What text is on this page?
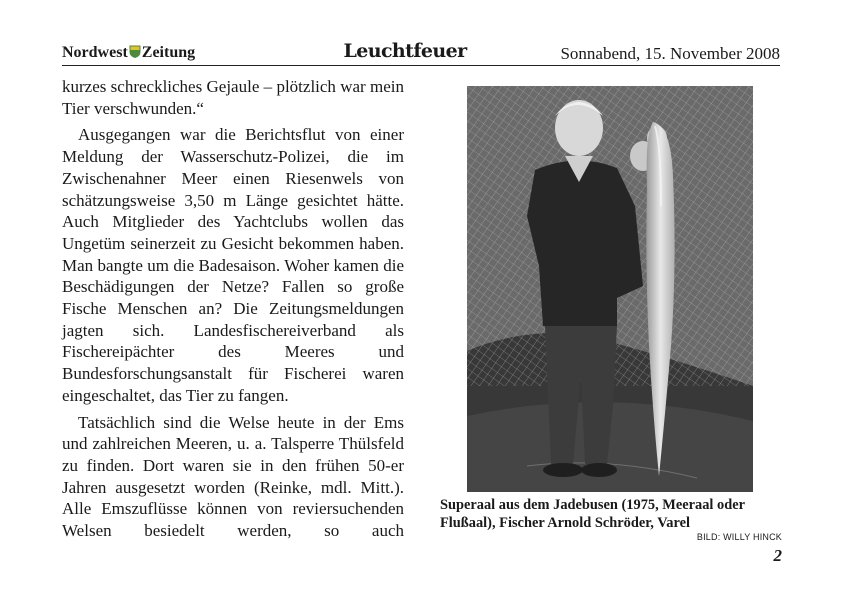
Nordwest Zeitung	Leuchtfeuer	Sonnabend, 15. November 2008

kurzes schreckliches Gejaule – plötzlich war mein Tier verschwunden.“

Ausgegangen war die Berichtsflut von einer Meldung der Wasserschutz-Polizei, die im Zwischenahner Meer einen Riesenwels von schätzungsweise 3,50 m Länge gesichtet hätte. Auch Mitglieder des Yachtclubs wollen das Ungetüm seinerzeit zu Gesicht bekommen haben. Man bangte um die Badesaison. Woher kamen die Beschädigungen der Netze? Fallen so große Fische Menschen an? Die Zeitungsmeldungen jagten sich. Landesfischereiverband als Fischereipächter des Meeres und Bundesforschungsanstalt für Fischerei waren eingeschaltet, das Tier zu fangen.

Tatsächlich sind die Welse heute in der Ems und zahlreichen Meeren, u. a. Talsperre Thülsfeld zu finden. Dort waren sie in den frühen 50-er Jahren ausgesetzt worden (Reinke, mdl. Mitt.). Alle Emszuflüsse können von reviersuchenden Welsen besiedelt werden, so auch

Superaal aus dem Jadebusen (1975, Meeraal oder Flußaal), Fischer Arnold Schröder, Varel
BILD: WILLY HINCK
2
